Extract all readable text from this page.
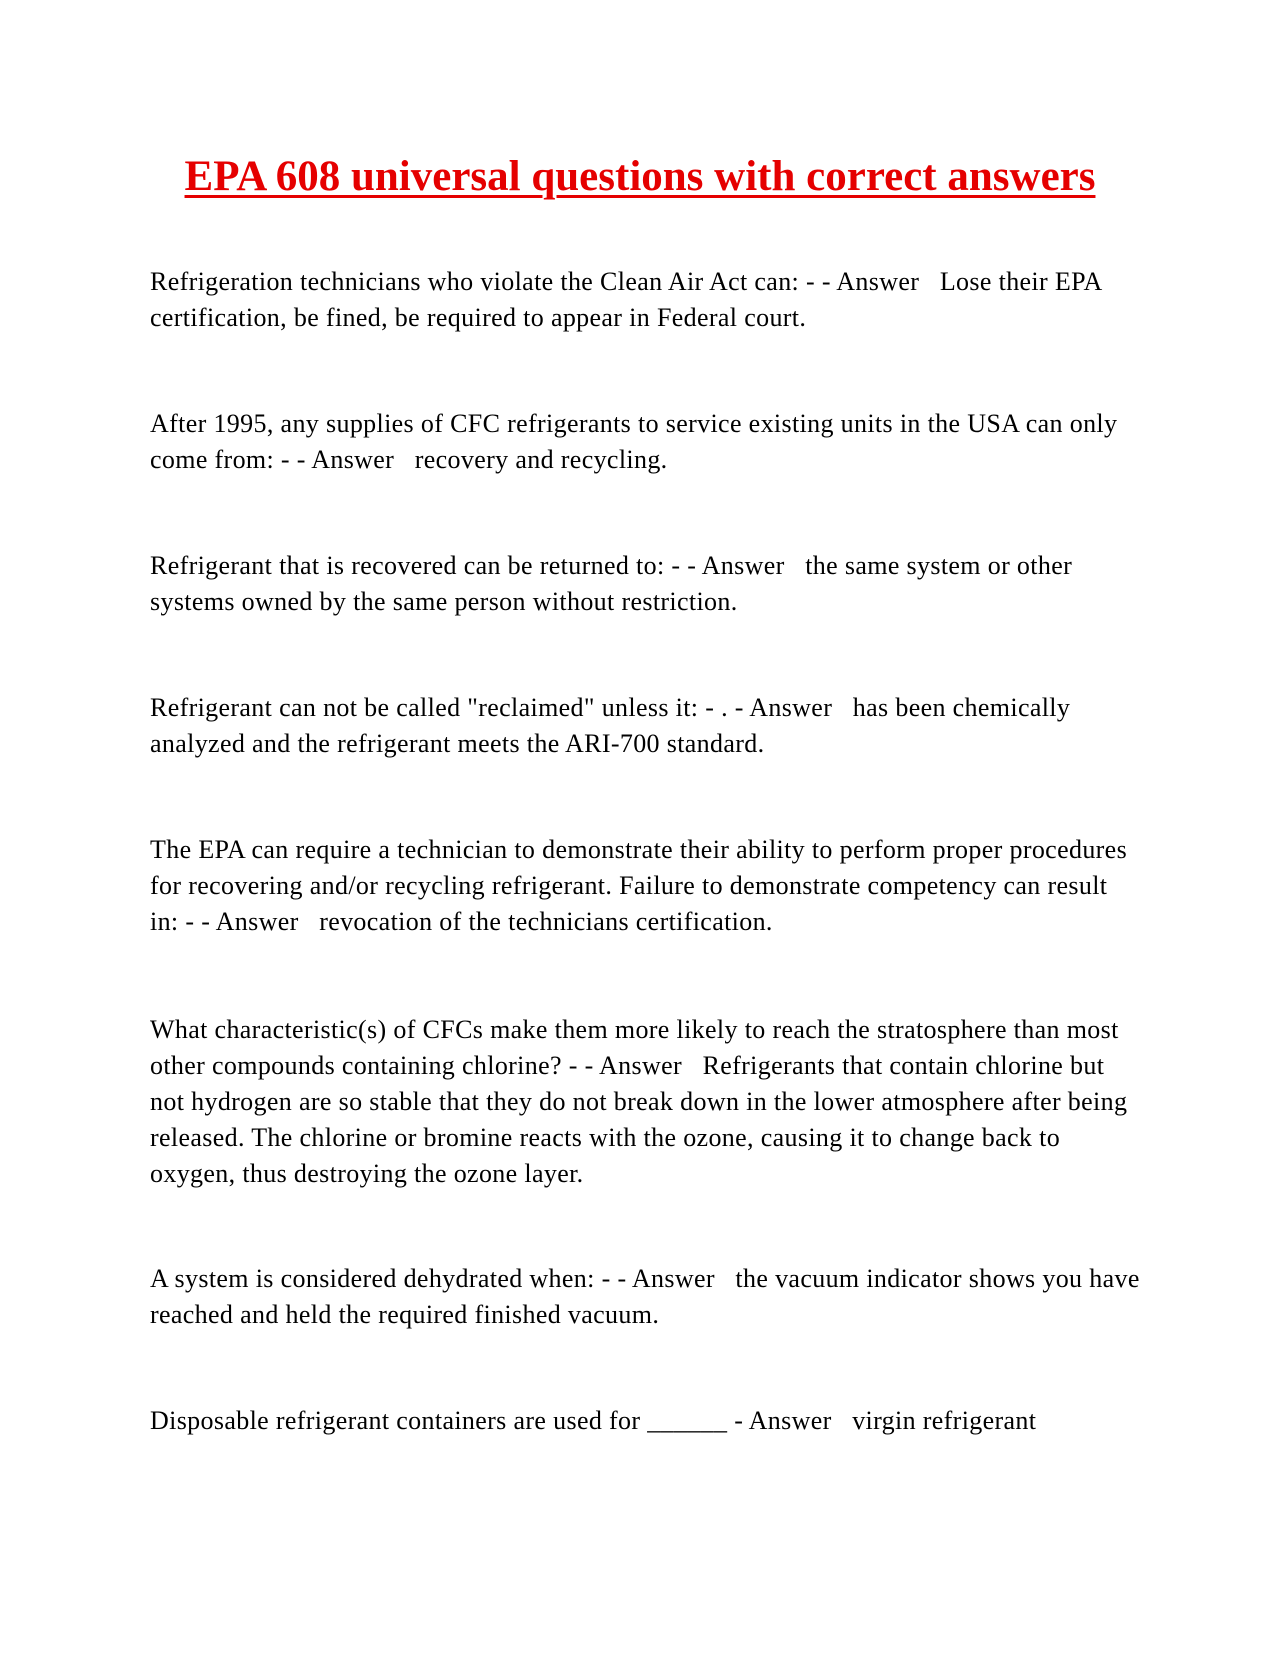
EPA 608 universal questions with correct answers

Refrigeration technicians who violate the Clean Air Act can: - - Answer Lose their EPA certification, be fined, be required to appear in Federal court.

After 1995, any supplies of CFC refrigerants to service existing units in the USA can only come from: - - Answer recovery and recycling.

Refrigerant that is recovered can be returned to: - - Answer the same system or other systems owned by the same person without restriction.

Refrigerant can not be called "reclaimed" unless it: - . - Answer has been chemically analyzed and the refrigerant meets the ARI-700 standard.

The EPA can require a technician to demonstrate their ability to perform proper procedures for recovering and/or recycling refrigerant. Failure to demonstrate competency can result in: - - Answer revocation of the technicians certification.

What characteristic(s) of CFCs make them more likely to reach the stratosphere than most other compounds containing chlorine? - - Answer Refrigerants that contain chlorine but not hydrogen are so stable that they do not break down in the lower atmosphere after being released. The chlorine or bromine reacts with the ozone, causing it to change back to oxygen, thus destroying the ozone layer.

A system is considered dehydrated when: - - Answer the vacuum indicator shows you have reached and held the required finished vacuum.

Disposable refrigerant containers are used for ______ - Answer virgin refrigerant
